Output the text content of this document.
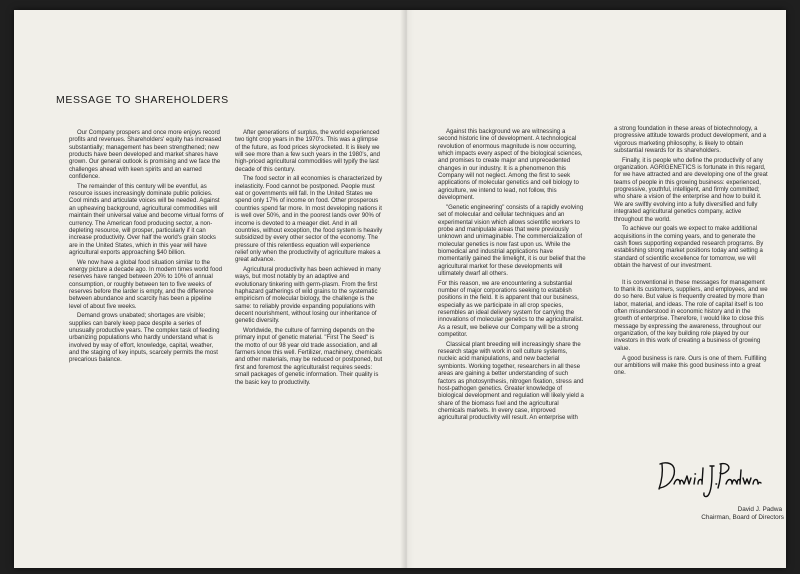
MESSAGE TO SHAREHOLDERS

Our Company prospers and once more enjoys record profits and revenues. Shareholders' equity has increased substantially; management has been strengthened; new products have been developed and market shares have grown. Our general outlook is promising and we face the challenges ahead with keen spirits and an earned confidence.

The remainder of this century will be eventful, as resource issues increasingly dominate public policies. Cool minds and articulate voices will be needed. Against an upheaving background, agricultural commodities will maintain their universal value and become virtual forms of currency. The American food producing sector, a non-depleting resource, will prosper, particularly if it can increase productivity. Over half the world's grain stocks are in the United States, which in this year will have agricultural exports approaching $40 billion.

We now have a global food situation similar to the energy picture a decade ago. In modern times world food reserves have ranged between 20% to 10% of annual consumption, or roughly between ten to five weeks of reserves before the larder is empty, and the difference between abundance and scarcity has been a pipeline level of about five weeks.

Demand grows unabated; shortages are visible; supplies can barely keep pace despite a series of unusually productive years. The complex task of feeding urbanizing populations who hardly understand what is involved by way of effort, knowledge, capital, weather, and the staging of key inputs, scarcely permits the most precarious balance.

After generations of surplus, the world experienced two tight crop years in the 1970's. This was a glimpse of the future, as food prices skyrocketed. It is likely we will see more than a few such years in the 1980's, and high-priced agricultural commodities will typify the last decade of this century.

The food sector in all economies is characterized by inelasticity. Food cannot be postponed. People must eat or governments will fall. In the United States we spend only 17% of income on food. Other prosperous countries spend far more. In most developing nations it is well over 50%, and in the poorest lands over 90% of income is devoted to a meager diet. And in all countries, without exception, the food system is heavily subsidized by every other sector of the economy. The pressure of this relentless equation will experience relief only when the productivity of agriculture makes a great advance.

Agricultural productivity has been achieved in many ways, but most notably by an adaptive and evolutionary tinkering with germ-plasm. From the first haphazard gatherings of wild grains to the systematic empiricism of molecular biology, the challenge is the same: to reliably provide expanding populations with decent nourishment, without losing our inheritance of genetic diversity.

Worldwide, the culture of farming depends on the primary input of genetic material. "First The Seed" is the motto of our 98 year old trade association, and all farmers know this well. Fertilizer, machinery, chemicals and other materials, may be reduced or postponed, but first and foremost the agriculturalist requires seeds: small packages of genetic information. Their quality is the basic key to productivity.

Against this background we are witnessing a second historic line of development. A technological revolution of enormous magnitude is now occurring, which impacts every aspect of the biological sciences, and promises to create major and unprecedented changes in our industry. It is a phenomenon this Company will not neglect. Among the first to seek applications of molecular genetics and cell biology to agriculture, we intend to lead, not follow, this development.

"Genetic engineering" consists of a rapidly evolving set of molecular and cellular techniques and an experimental vision which allows scientific workers to probe and manipulate areas that were previously unknown and unimaginable. The commercialization of molecular genetics is now fast upon us. While the biomedical and industrial applications have momentarily gained the limelight, it is our belief that the agricultural market for these developments will ultimately dwarf all others.

For this reason, we are encountering a substantial number of major corporations seeking to establish positions in the field. It is apparent that our business, especially as we participate in all crop species, resembles an ideal delivery system for carrying the innovations of molecular genetics to the agriculturalist. As a result, we believe our Company will be a strong competitor.

Classical plant breeding will increasingly share the research stage with work in cell culture systems, nucleic acid manipulations, and new bacterial symbionts. Working together, researchers in all these areas are gaining a better understanding of such factors as photosynthesis, nitrogen fixation, stress and host-pathogen genetics. Greater knowledge of biological development and regulation will likely yield a share of the biomass fuel and the agricultural chemicals markets. In every case, improved agricultural productivity will result. An enterprise with

a strong foundation in these areas of biotechnology, a progressive attitude towards product development, and a vigorous marketing philosophy, is likely to obtain substantial rewards for its shareholders.

Finally, it is people who define the productivity of any organization. AGRIGENETICS is fortunate in this regard, for we have attracted and are developing one of the great teams of people in this growing business: experienced, progressive, youthful, intelligent, and firmly committed; who share a vision of the enterprise and how to build it. We are swiftly evolving into a fully diversified and fully integrated agricultural genetics company, active throughout the world.

To achieve our goals we expect to make additional acquisitions in the coming years, and to generate the cash flows supporting expanded research programs. By establishing strong market positions today and setting a standard of scientific excellence for tomorrow, we will obtain the harvest of our investment.

It is conventional in these messages for management to thank its customers, suppliers, and employees, and we do so here. But value is frequently created by more than labor, material, and ideas. The role of capital itself is too often misunderstood in economic history and in the growth of enterprise. Therefore, I would like to close this message by expressing the awareness, throughout our organization, of the key building role played by our investors in this work of creating a business of growing value.

A good business is rare. Ours is one of them. Fulfilling our ambitions will make this good business into a great one.

David J. Padwa
Chairman, Board of Directors
